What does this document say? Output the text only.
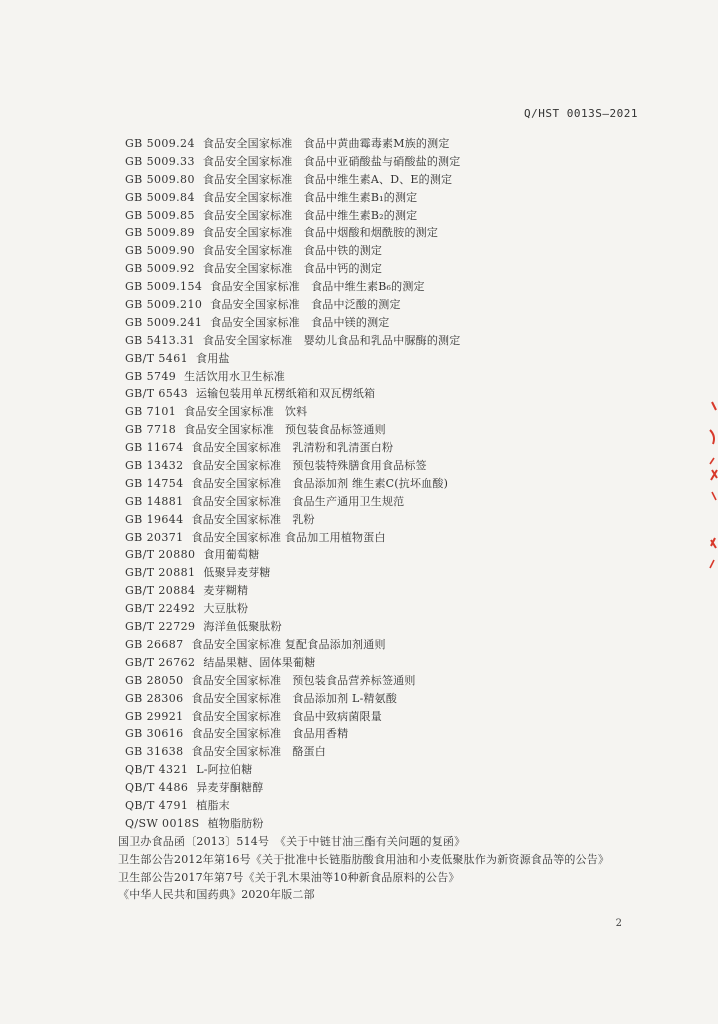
Q/HST 0013S—2021
GB 5009.24 食品安全国家标准　食品中黄曲霉毒素M族的测定
GB 5009.33 食品安全国家标准　食品中亚硝酸盐与硝酸盐的测定
GB 5009.80 食品安全国家标准　食品中维生素A、D、E的测定
GB 5009.84 食品安全国家标准　食品中维生素B₁的测定
GB 5009.85 食品安全国家标准　食品中维生素B₂的测定
GB 5009.89 食品安全国家标准　食品中烟酸和烟酰胺的测定
GB 5009.90 食品安全国家标准　食品中铁的测定
GB 5009.92 食品安全国家标准　食品中钙的测定
GB 5009.154 食品安全国家标准　食品中维生素B₆的测定
GB 5009.210 食品安全国家标准　食品中泛酸的测定
GB 5009.241 食品安全国家标准　食品中镁的测定
GB 5413.31 食品安全国家标准　婴幼儿食品和乳品中脲酶的测定
GB/T 5461 食用盐
GB 5749 生活饮用水卫生标准
GB/T 6543 运输包装用单瓦楞纸箱和双瓦楞纸箱
GB 7101 食品安全国家标准　饮料
GB 7718 食品安全国家标准　预包装食品标签通则
GB 11674 食品安全国家标准　乳清粉和乳清蛋白粉
GB 13432 食品安全国家标准　预包装特殊膳食用食品标签
GB 14754 食品安全国家标准　食品添加剂 维生素C(抗坏血酸)
GB 14881 食品安全国家标准　食品生产通用卫生规范
GB 19644 食品安全国家标准　乳粉
GB 20371 食品安全国家标准 食品加工用植物蛋白
GB/T 20880 食用葡萄糖
GB/T 20881 低聚异麦芽糖
GB/T 20884 麦芽糊精
GB/T 22492 大豆肽粉
GB/T 22729 海洋鱼低聚肽粉
GB 26687 食品安全国家标准 复配食品添加剂通则
GB/T 26762 结晶果糖、固体果葡糖
GB 28050 食品安全国家标准　预包装食品营养标签通则
GB 28306 食品安全国家标准　食品添加剂 L-精氨酸
GB 29921 食品安全国家标准　食品中致病菌限量
GB 30616 食品安全国家标准　食品用香精
GB 31638 食品安全国家标准　酪蛋白
QB/T 4321 L-阿拉伯糖
QB/T 4486 异麦芽酮糖醇
QB/T 4791 植脂末
Q/SW 0018S 植物脂肪粉
国卫办食品函〔2013〕514号　《关于中链甘油三酯有关问题的复函》
卫生部公告2012年第16号《关于批准中长链脂肪酸食用油和小麦低聚肽作为新资源食品等的公告》
卫生部公告2017年第7号《关于乳木果油等10种新食品原料的公告》
《中华人民共和国药典》2020年版二部
2
